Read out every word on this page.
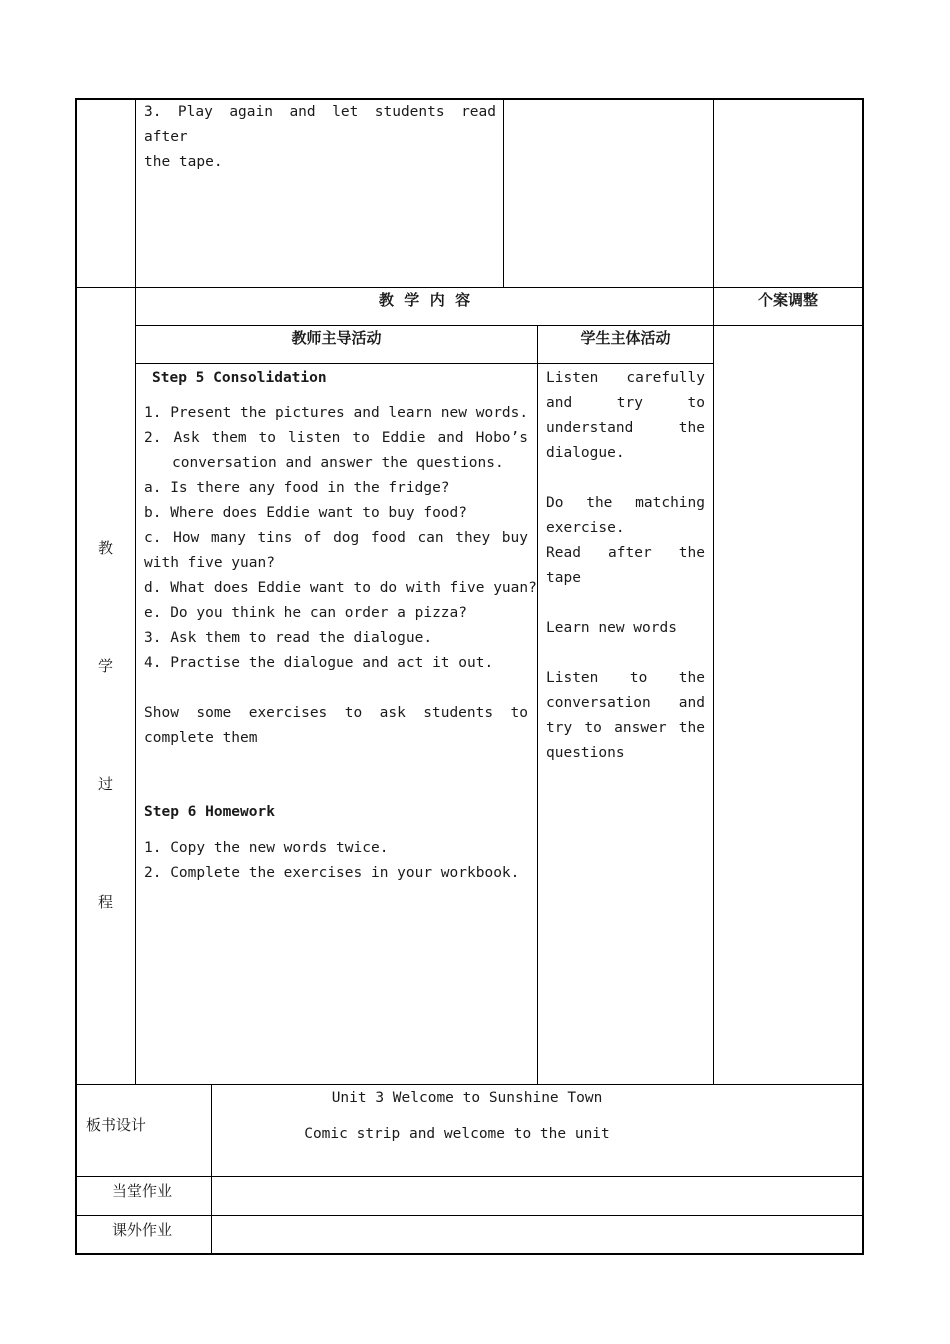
3. Play again and let students read after
the tape.
教
学
过
程
教  学  内  容	个案调整
教师主导活动	学生主体活动
Step 5 Consolidation
1. Present the pictures and learn new words.
2. Ask them to listen to Eddie and Hobo’s
conversation and answer the questions.
a. Is there any food in the fridge?
b. Where does Eddie want to buy food?
c. How many tins of dog food can they buy
with five yuan?
d. What does Eddie want to do with five yuan?
e. Do you think he can order a pizza?
3. Ask them to read the dialogue.
4. Practise the dialogue and act it out.
Show some exercises to ask students to
complete them
Step 6 Homework
1. Copy the new words twice.
2. Complete the exercises in your workbook.
Listen carefully
and try to
understand the
dialogue.
Do the matching
exercise.
Read after the
tape
Learn new words
Listen to the
conversation and
try to answer the
questions
板书设计
Unit 3 Welcome to Sunshine Town
Comic strip and welcome to the unit
当堂作业
课外作业
